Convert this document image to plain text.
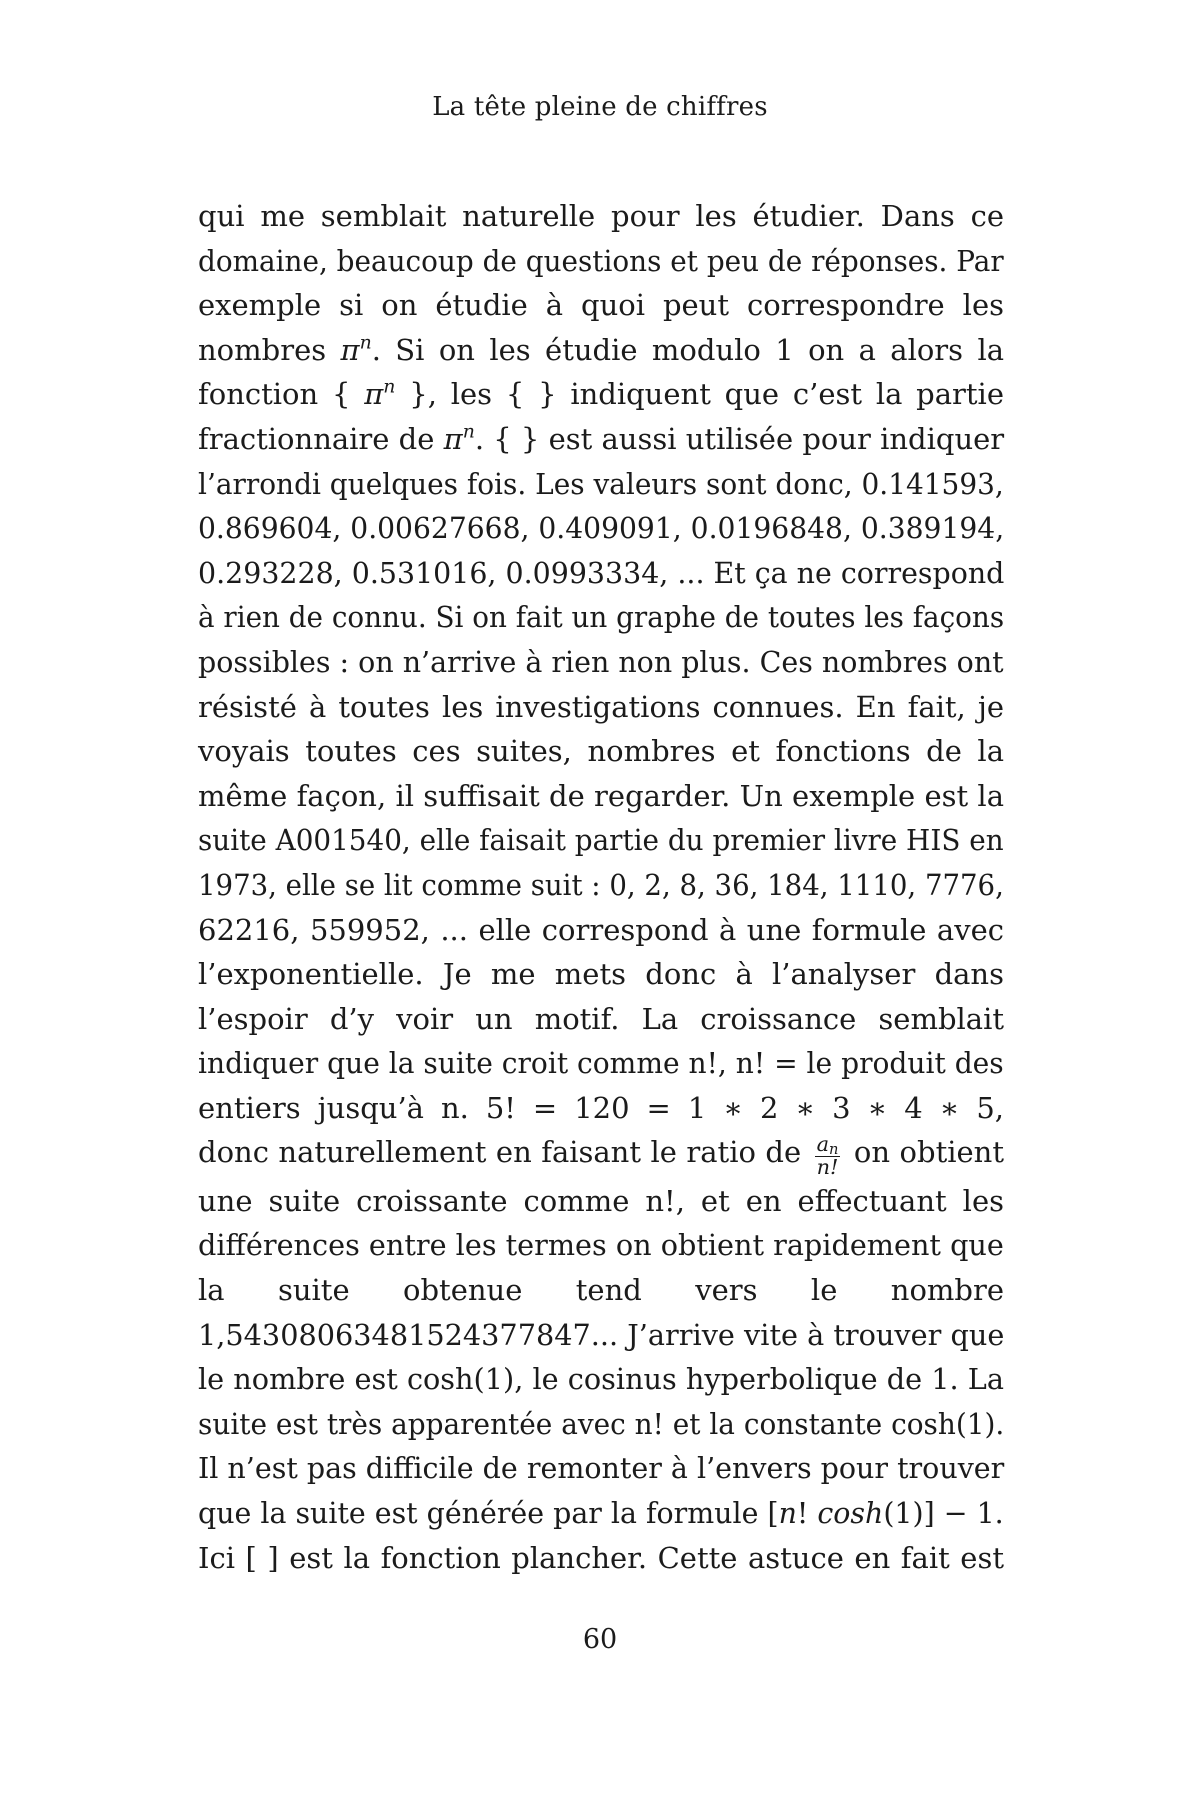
La tête pleine de chiffres
qui me semblait naturelle pour les étudier. Dans ce
domaine, beaucoup de questions et peu de réponses. Par
exemple si on étudie à quoi peut correspondre les
nombres $\pi^n$. Si on les étudie modulo 1 on a alors la
fonction { $\pi^n$ }, les { } indiquent que c’est la partie
fractionnaire de $\pi^n$. { } est aussi utilisée pour indiquer
l’arrondi quelques fois. Les valeurs sont donc, 0.141593,
0.869604, 0.00627668, 0.409091, 0.0196848, 0.389194,
0.293228, 0.531016, 0.0993334, ... Et ça ne correspond
à rien de connu. Si on fait un graphe de toutes les façons
possibles : on n’arrive à rien non plus. Ces nombres ont
résisté à toutes les investigations connues. En fait, je
voyais toutes ces suites, nombres et fonctions de la
même façon, il suffisait de regarder. Un exemple est la
suite A001540, elle faisait partie du premier livre HIS en
1973, elle se lit comme suit : 0, 2, 8, 36, 184, 1110, 7776,
62216, 559952, ... elle correspond à une formule avec
l’exponentielle. Je me mets donc à l’analyser dans
l’espoir d’y voir un motif. La croissance semblait
indiquer que la suite croit comme n!, n! = le produit des
entiers jusqu’à n. 5! = 120 = 1 ∗ 2 ∗ 3 ∗ 4 ∗ 5,
donc naturellement en faisant le ratio de $\frac{a_n}{n!}$ on obtient
une suite croissante comme n!, et en effectuant les
différences entre les termes on obtient rapidement que
la suite obtenue tend vers le nombre
1,54308063481524377847... J’arrive vite à trouver que
le nombre est cosh(1), le cosinus hyperbolique de 1. La
suite est très apparentée avec n! et la constante cosh(1).
Il n’est pas difficile de remonter à l’envers pour trouver
que la suite est générée par la formule [n! cosh(1)] − 1.
Ici [ ] est la fonction plancher. Cette astuce en fait est
60
